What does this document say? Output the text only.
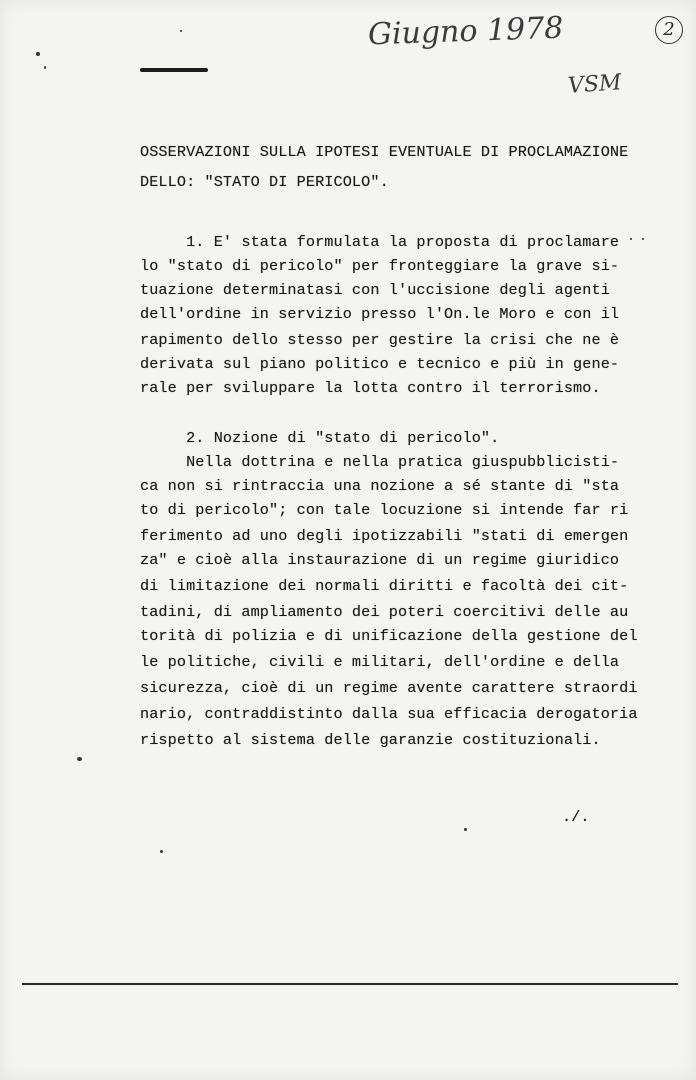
Giugno 1978	2
VSM
OSSERVAZIONI SULLA IPOTESI EVENTUALE DI PROCLAMAZIONE
DELLO: "STATO DI PERICOLO".
1. E' stata formulata la proposta di proclamare
lo "stato di pericolo" per fronteggiare la grave si-
tuazione determinatasi con l'uccisione degli agenti
dell'ordine in servizio presso l'On.le Moro e con il
rapimento dello stesso per gestire la crisi che ne è
derivata sul piano politico e tecnico e più in gene-
rale per sviluppare la lotta contro il terrorismo.
2. Nozione di "stato di pericolo".
Nella dottrina e nella pratica giuspubblicisti-
ca non si rintraccia una nozione a sé stante di "sta
to di pericolo"; con tale locuzione si intende far ri
ferimento ad uno degli ipotizzabili "stati di emergen
za" e cioè alla instaurazione di un regime giuridico
di limitazione dei normali diritti e facoltà dei cit-
tadini, di ampliamento dei poteri coercitivi delle au
torità di polizia e di unificazione della gestione del
le politiche, civili e militari, dell'ordine e della
sicurezza, cioè di un regime avente carattere straordi
nario, contraddistinto dalla sua efficacia derogatoria
rispetto al sistema delle garanzie costituzionali.
./.
